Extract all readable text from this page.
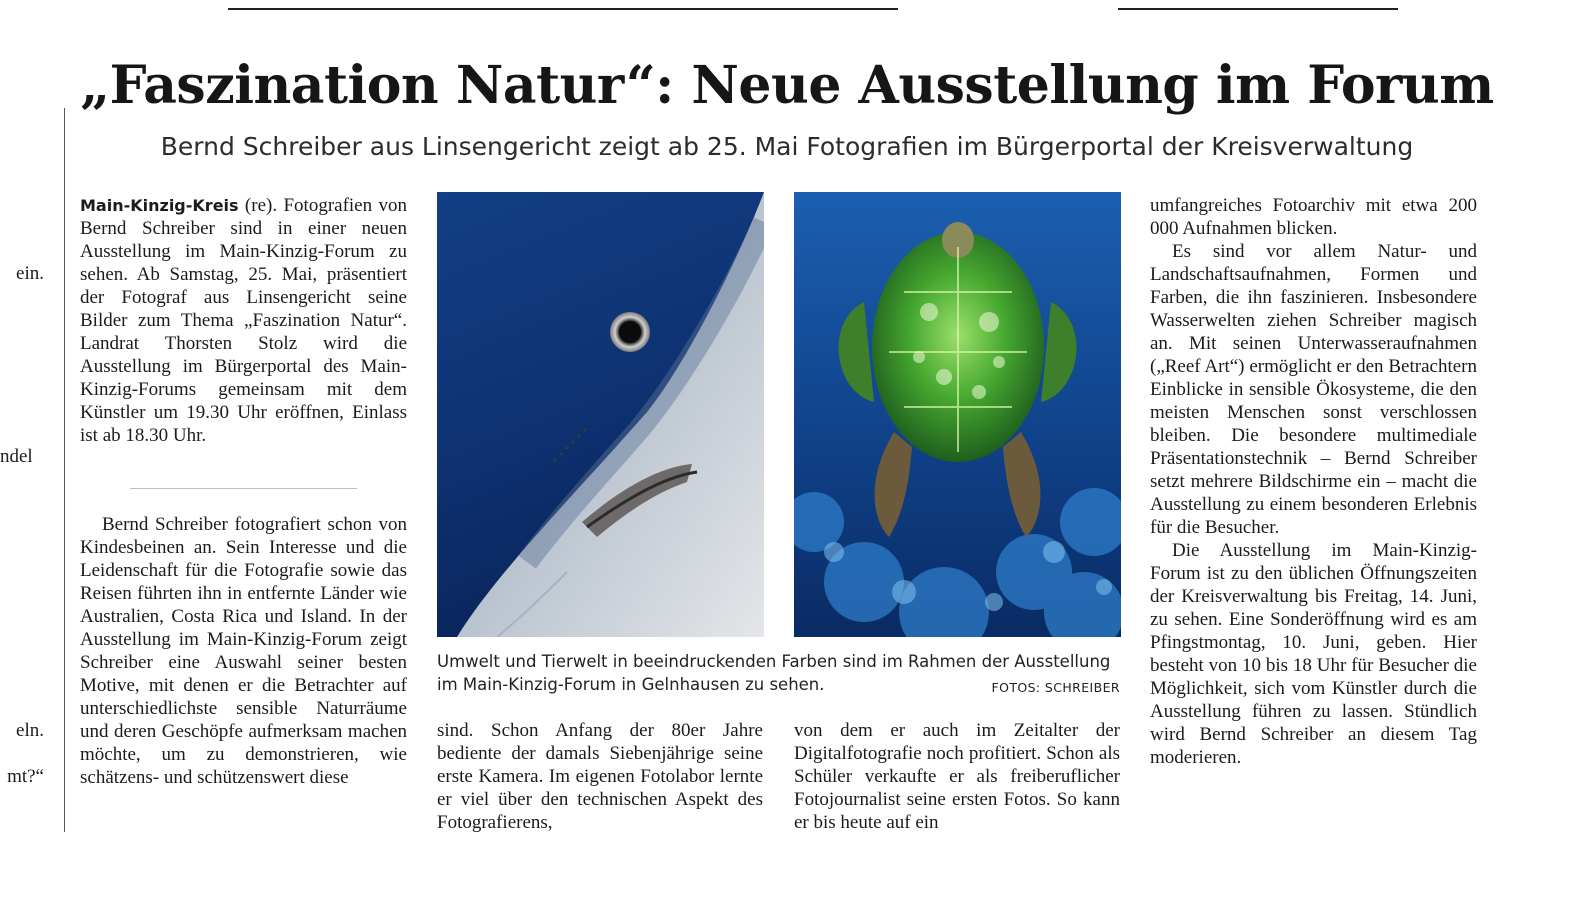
„Faszination Natur“: Neue Ausstellung im Forum
Bernd Schreiber aus Linsengericht zeigt ab 25. Mai Fotografien im Bürgerportal der Kreisverwaltung
ein.
ndel
eln.
mt?“

Main-Kinzig-Kreis (re). Fotografien von Bernd Schreiber sind in einer neuen Ausstellung im Main-Kinzig-Forum zu sehen. Ab Samstag, 25. Mai, präsentiert der Fotograf aus Linsengericht seine Bilder zum Thema „Faszination Natur“. Landrat Thorsten Stolz wird die Ausstellung im Bürgerportal des Main-Kinzig-Forums gemeinsam mit dem Künstler um 19.30 Uhr eröffnen, Einlass ist ab 18.30 Uhr.

Bernd Schreiber fotografiert schon von Kindesbeinen an. Sein Interesse und die Leidenschaft für die Fotografie sowie das Reisen führten ihn in entfernte Länder wie Australien, Costa Rica und Island. In der Ausstellung im Main-Kinzig-Forum zeigt Schreiber eine Auswahl seiner besten Motive, mit denen er die Betrachter auf unterschiedlichste sensible Naturräume und deren Geschöpfe aufmerksam machen möchte, um zu demonstrieren, wie schätzens- und schützenswert diese

Umwelt und Tierwelt in beeindruckenden Farben sind im Rahmen der Ausstellung im Main-Kinzig-Forum in Gelnhausen zu sehen.	FOTOS: SCHREIBER

sind. Schon Anfang der 80er Jahre bediente der damals Siebenjährige seine erste Kamera. Im eigenen Fotolabor lernte er viel über den technischen Aspekt des Fotografierens,

von dem er auch im Zeitalter der Digitalfotografie noch profitiert. Schon als Schüler verkaufte er als freiberuflicher Fotojournalist seine ersten Fotos. So kann er bis heute auf ein

umfangreiches Fotoarchiv mit etwa 200 000 Aufnahmen blicken.

Es sind vor allem Natur- und Landschaftsaufnahmen, Formen und Farben, die ihn faszinieren. Insbesondere Wasserwelten ziehen Schreiber magisch an. Mit seinen Unterwasseraufnahmen („Reef Art“) ermöglicht er den Betrachtern Einblicke in sensible Ökosysteme, die den meisten Menschen sonst verschlossen bleiben. Die besondere multimediale Präsentationstechnik – Bernd Schreiber setzt mehrere Bildschirme ein – macht die Ausstellung zu einem besonderen Erlebnis für die Besucher.

Die Ausstellung im Main-Kinzig-Forum ist zu den üblichen Öffnungszeiten der Kreisverwaltung bis Freitag, 14. Juni, zu sehen. Eine Sonderöffnung wird es am Pfingstmontag, 10. Juni, geben. Hier besteht von 10 bis 18 Uhr für Besucher die Möglichkeit, sich vom Künstler durch die Ausstellung führen zu lassen. Stündlich wird Bernd Schreiber an diesem Tag moderieren.
